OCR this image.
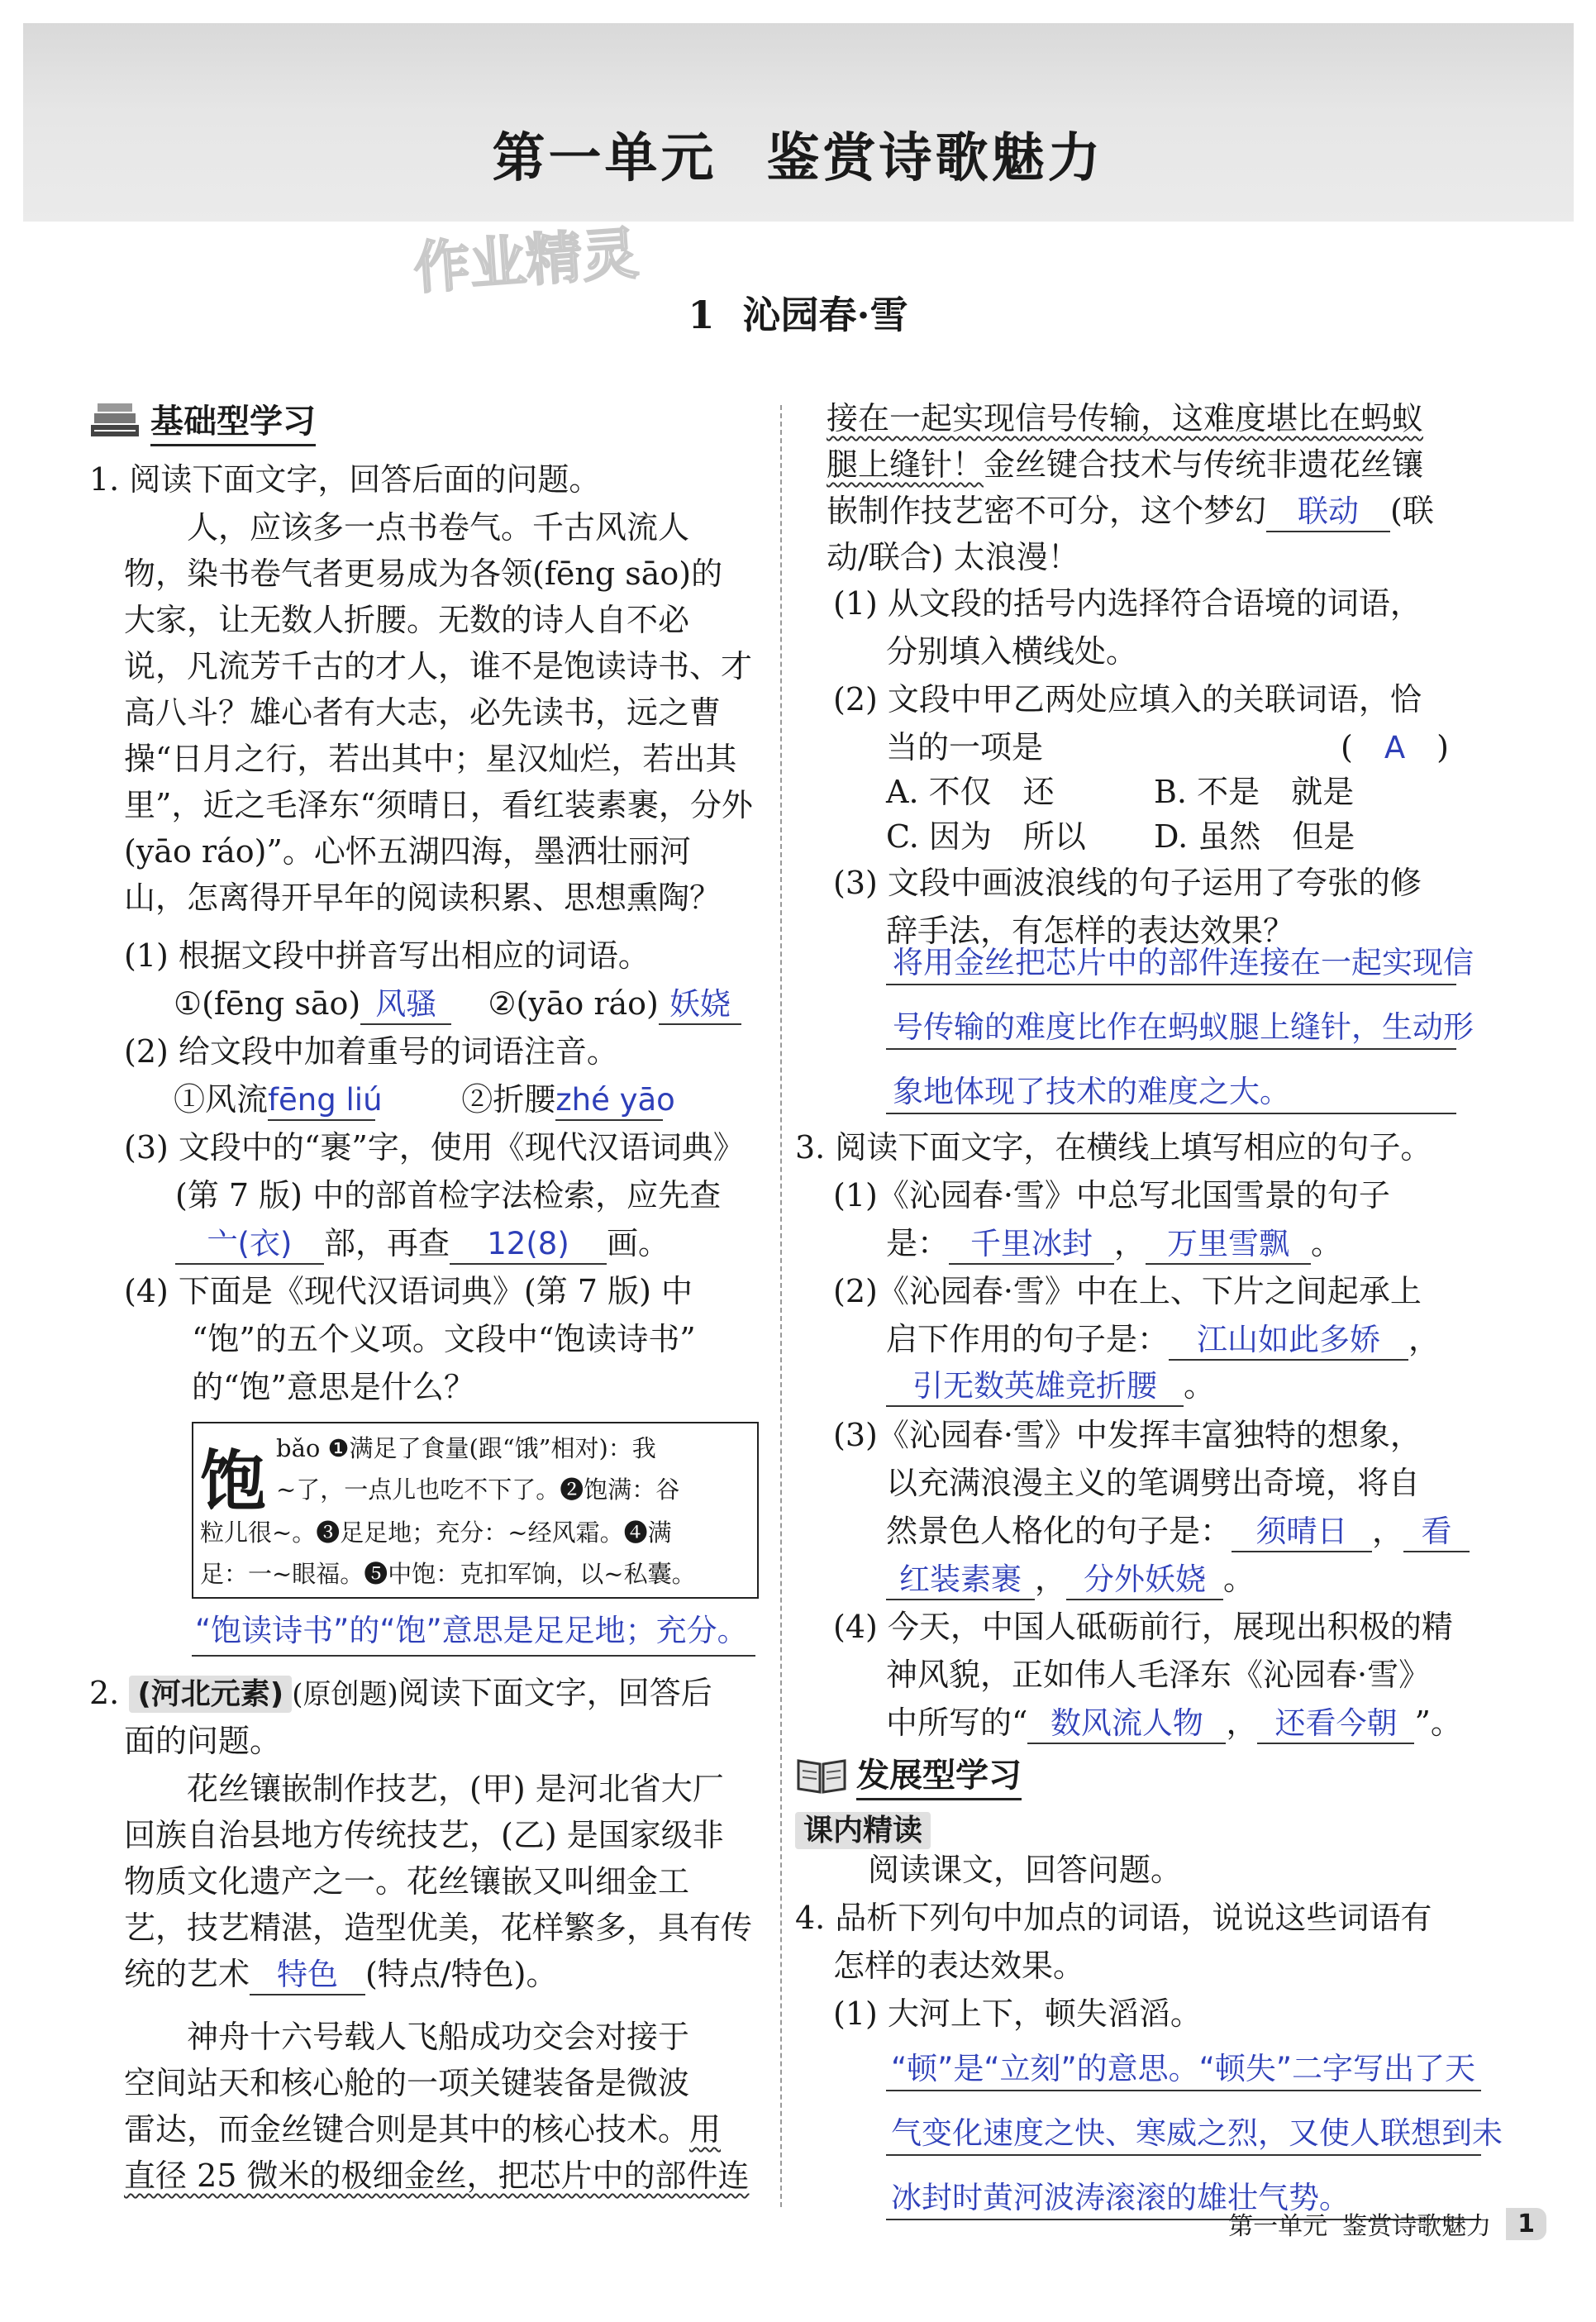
第一单元 鉴赏诗歌魅力
作业精灵
1 沁园春·雪
基础型学习
1. 阅读下面文字，回答后面的问题。
　　人，应该多一点书卷气。千古风流人
物，染书卷气者更易成为各领(fēng sāo)的
大家，让无数人折腰。无数的诗人自不必
说，凡流芳千古的才人，谁不是饱读诗书、才
高八斗？雄心者有大志，必先读书，远之曹
操“日月之行，若出其中；星汉灿烂，若出其
里”，近之毛泽东“须晴日，看红装素裹，分外
(yāo ráo)”。心怀五湖四海，墨洒壮丽河
山，怎离得开早年的阅读积累、思想熏陶？
(1) 根据文段中拼音写出相应的词语。
①(fēng sāo) 风骚 ②(yāo ráo) 妖娆
(2) 给文段中加着重号的词语注音。
①风流fēng liú	②折腰zhé yāo
(3) 文段中的“裹”字，使用《现代汉语词典》
(第 7 版) 中的部首检字法检索，应先查
亠(衣) 部，再查 12(8) 画。
(4) 下面是《现代汉语词典》(第 7 版) 中
“饱”的五个义项。文段中“饱读诗书”
的“饱”意思是什么？
饱 bǎo ❶满足了食量(跟“饿”相对)：我
~了，一点儿也吃不下了。❷饱满：谷
粒儿很~。❸足足地；充分：~经风霜。❹满
足：一~眼福。❺中饱：克扣军饷，以~私囊。
“饱读诗书”的“饱”意思是足足地；充分。
2. (河北元素) (原创题)阅读下面文字，回答后
面的问题。
　　花丝镶嵌制作技艺，(甲) 是河北省大厂
回族自治县地方传统技艺，(乙) 是国家级非
物质文化遗产之一。花丝镶嵌又叫细金工
艺，技艺精湛，造型优美，花样繁多，具有传
统的艺术 特色 (特点/特色)。
　　神舟十六号载人飞船成功交会对接于
空间站天和核心舱的一项关键装备是微波
雷达，而金丝键合则是其中的核心技术。用
直径 25 微米的极细金丝，把芯片中的部件连
接在一起实现信号传输，这难度堪比在蚂蚁
腿上缝针！金丝键合技术与传统非遗花丝镶
嵌制作技艺密不可分，这个梦幻 联动 (联
动/联合) 太浪漫！
(1) 从文段的括号内选择符合语境的词语，
分别填入横线处。
(2) 文段中甲乙两处应填入的关联词语，恰
当的一项是	(　A　)
A. 不仅　还	B. 不是　就是
C. 因为　所以 D. 虽然　但是
(3) 文段中画波浪线的句子运用了夸张的修
辞手法，有怎样的表达效果？
将用金丝把芯片中的部件连接在一起实现信
号传输的难度比作在蚂蚁腿上缝针，生动形
象地体现了技术的难度之大。
3. 阅读下面文字，在横线上填写相应的句子。
(1)《沁园春·雪》中总写北国雪景的句子
是： 千里冰封 ， 万里雪飘 。
(2)《沁园春·雪》中在上、下片之间起承上
启下作用的句子是： 江山如此多娇 ，
引无数英雄竞折腰 。
(3)《沁园春·雪》中发挥丰富独特的想象，
以充满浪漫主义的笔调劈出奇境，将自
然景色人格化的句子是： 须晴日 ， 看
红装素裹 ， 分外妖娆 。
(4) 今天，中国人砥砺前行，展现出积极的精
神风貌，正如伟人毛泽东《沁园春·雪》
中所写的“ 数风流人物 ， 还看今朝 ”。
发展型学习
课内精读
阅读课文，回答问题。
4. 品析下列句中加点的词语，说说这些词语有
怎样的表达效果。
(1) 大河上下，顿失滔滔。
“顿”是“立刻”的意思。“顿失”二字写出了天
气变化速度之快、寒威之烈，又使人联想到未
冰封时黄河波涛滚滚的雄壮气势。
第一单元 鉴赏诗歌魅力	1
